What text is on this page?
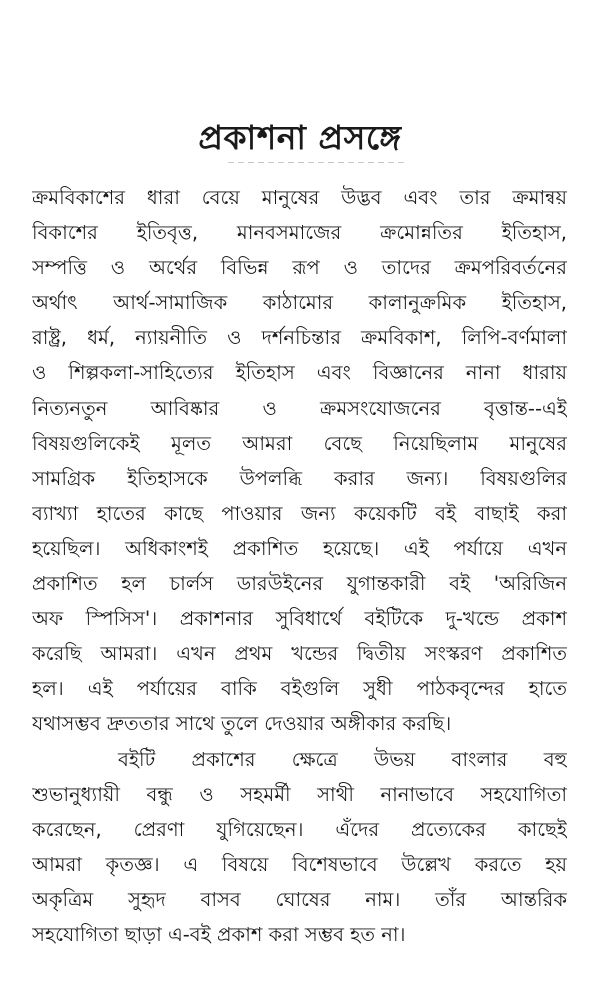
প্রকাশনা প্রসঙ্গে
ক্রমবিকাশের ধারা বেয়ে মানুষের উদ্ভব এবং তার ক্রমান্বয়
বিকাশের ইতিবৃত্ত, মানবসমাজের ক্রমোন্নতির ইতিহাস,
সম্পত্তি ও অর্থের বিভিন্ন রূপ ও তাদের ক্রমপরিবর্তনের
অর্থাৎ আর্থ-সামাজিক কাঠামোর কালানুক্রমিক ইতিহাস,
রাষ্ট্র, ধর্ম, ন্যায়নীতি ও দর্শনচিন্তার ক্রমবিকাশ, লিপি-বর্ণমালা
ও শিল্পকলা-সাহিত্যের ইতিহাস এবং বিজ্ঞানের নানা ধারায়
নিত্যনতুন আবিষ্কার ও ক্রমসংযোজনের বৃত্তান্ত--এই
বিষয়গুলিকেই মূলত আমরা বেছে নিয়েছিলাম মানুষের
সামগ্রিক ইতিহাসকে উপলব্ধি করার জন্য। বিষয়গুলির
ব্যাখ্যা হাতের কাছে পাওয়ার জন্য কয়েকটি বই বাছাই করা
হয়েছিল। অধিকাংশই প্রকাশিত হয়েছে। এই পর্যায়ে এখন
প্রকাশিত হল চার্লস ডারউইনের যুগান্তকারী বই 'অরিজিন
অফ স্পিসিস'। প্রকাশনার সুবিধার্থে বইটিকে দু-খন্ডে প্রকাশ
করেছি আমরা। এখন প্রথম খন্ডের দ্বিতীয় সংস্করণ প্রকাশিত
হল। এই পর্যায়ের বাকি বইগুলি সুধী পাঠকবৃন্দের হাতে
যথাসম্ভব দ্রুততার সাথে তুলে দেওয়ার অঙ্গীকার করছি।
বইটি প্রকাশের ক্ষেত্রে উভয় বাংলার বহু
শুভানুধ্যায়ী বন্ধু ও সহমর্মী সাথী নানাভাবে সহযোগিতা
করেছেন, প্রেরণা যুগিয়েছেন। এঁদের প্রত্যেকের কাছেই
আমরা কৃতজ্ঞ। এ বিষয়ে বিশেষভাবে উল্লেখ করতে হয়
অকৃত্রিম সুহৃদ বাসব ঘোষের নাম। তাঁর আন্তরিক
সহযোগিতা ছাড়া এ-বই প্রকাশ করা সম্ভব হত না।
